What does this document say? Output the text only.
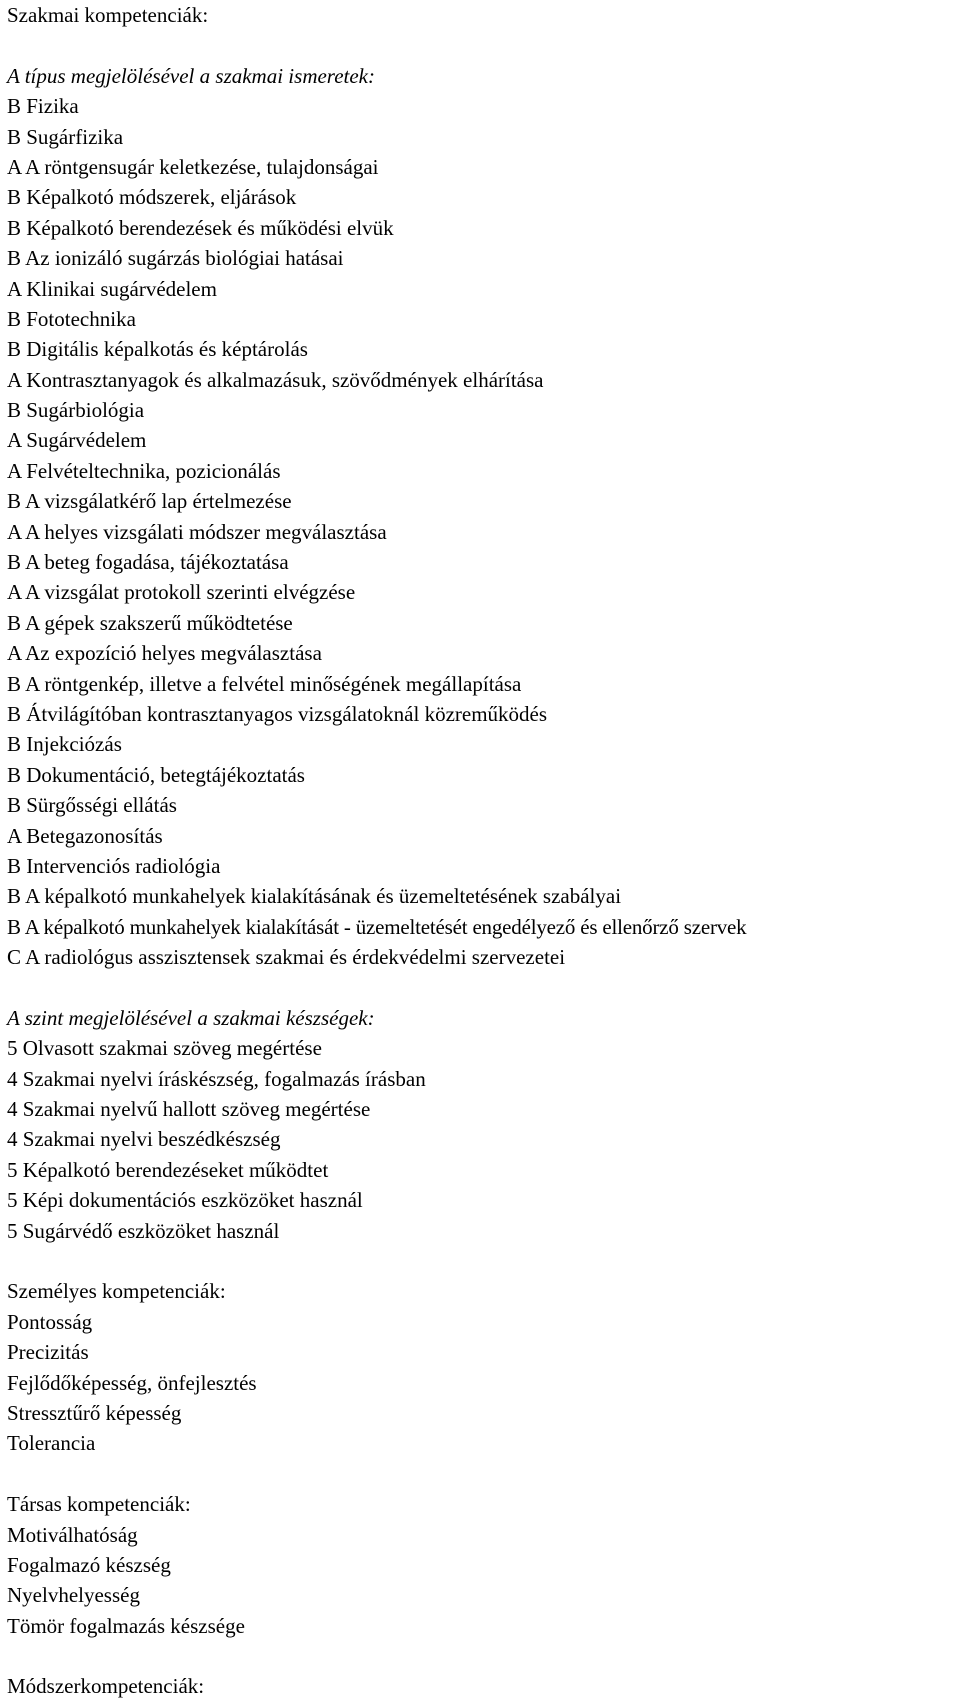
Szakmai kompetenciák:
A típus megjelölésével a szakmai ismeretek:
B Fizika
B Sugárfizika
A A röntgensugár keletkezése, tulajdonságai
B Képalkotó módszerek, eljárások
B Képalkotó berendezések és működési elvük
B Az ionizáló sugárzás biológiai hatásai
A Klinikai sugárvédelem
B Fototechnika
B Digitális képalkotás és képtárolás
A Kontrasztanyagok és alkalmazásuk, szövődmények elhárítása
B Sugárbiológia
A Sugárvédelem
A Felvételtechnika, pozicionálás
B A vizsgálatkérő lap értelmezése
A A helyes vizsgálati módszer megválasztása
B A beteg fogadása, tájékoztatása
A A vizsgálat protokoll szerinti elvégzése
B A gépek szakszerű működtetése
A Az expozíció helyes megválasztása
B A röntgenkép, illetve a felvétel minőségének megállapítása
B Átvilágítóban kontrasztanyagos vizsgálatoknál közreműködés
B Injekciózás
B Dokumentáció, betegtájékoztatás
B Sürgősségi ellátás
A Betegazonosítás
B Intervenciós radiológia
B A képalkotó munkahelyek kialakításának és üzemeltetésének szabályai
B A képalkotó munkahelyek kialakítását - üzemeltetését engedélyező és ellenőrző szervek
C A radiológus asszisztensek szakmai és érdekvédelmi szervezetei
A szint megjelölésével a szakmai készségek:
5 Olvasott szakmai szöveg megértése
4 Szakmai nyelvi íráskészség, fogalmazás írásban
4 Szakmai nyelvű hallott szöveg megértése
4 Szakmai nyelvi beszédkészség
5 Képalkotó berendezéseket működtet
5 Képi dokumentációs eszközöket használ
5 Sugárvédő eszközöket használ
Személyes kompetenciák:
Pontosság
Precizitás
Fejlődőképesség, önfejlesztés
Stressztűrő képesség
Tolerancia
Társas kompetenciák:
Motiválhatóság
Fogalmazó készség
Nyelvhelyesség
Tömör fogalmazás készsége
Módszerkompetenciák:
